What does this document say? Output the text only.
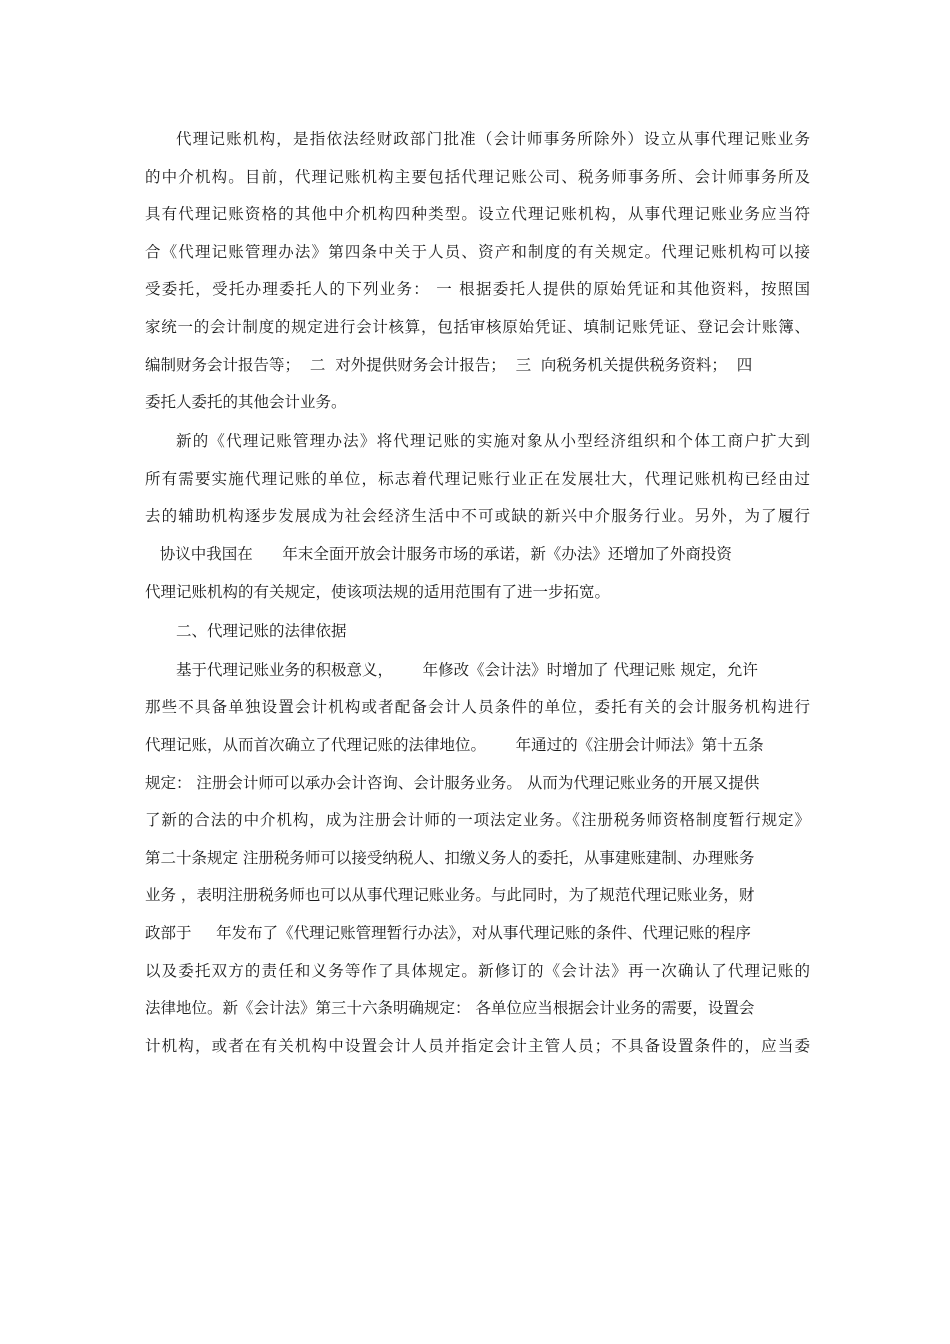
代理记账机构，是指依法经财政部门批准（会计师事务所除外）设立从事代理记账业务
的中介机构。目前，代理记账机构主要包括代理记账公司、税务师事务所、会计师事务所及
具有代理记账资格的其他中介机构四种类型。设立代理记账机构，从事代理记账业务应当符
合《代理记账管理办法》第四条中关于人员、资产和制度的有关规定。代理记账机构可以接
受委托，受托办理委托人的下列业务： 一 根据委托人提供的原始凭证和其他资料，按照国
家统一的会计制度的规定进行会计核算，包括审核原始凭证、填制记账凭证、登记会计账簿、
编制财务会计报告等；  二  对外提供财务会计报告；  三  向税务机关提供税务资料；  四
委托人委托的其他会计业务。
新的《代理记账管理办法》将代理记账的实施对象从小型经济组织和个体工商户扩大到
所有需要实施代理记账的单位，标志着代理记账行业正在发展壮大，代理记账机构已经由过
去的辅助机构逐步发展成为社会经济生活中不可或缺的新兴中介服务行业。另外，为了履行
协议中我国在      年末全面开放会计服务市场的承诺，新《办法》还增加了外商投资
代理记账机构的有关规定，使该项法规的适用范围有了进一步拓宽。
二、代理记账的法律依据
基于代理记账业务的积极意义，      年修改《会计法》时增加了 代理记账 规定，允许
那些不具备单独设置会计机构或者配备会计人员条件的单位，委托有关的会计服务机构进行
代理记账，从而首次确立了代理记账的法律地位。      年通过的《注册会计师法》第十五条
规定： 注册会计师可以承办会计咨询、会计服务业务。 从而为代理记账业务的开展又提供
了新的合法的中介机构，成为注册会计师的一项法定业务。《注册税务师资格制度暂行规定》
第二十条规定 注册税务师可以接受纳税人、扣缴义务人的委托，从事建账建制、办理账务
业务 ，表明注册税务师也可以从事代理记账业务。与此同时，为了规范代理记账业务，财
政部于     年发布了《代理记账管理暂行办法》，对从事代理记账的条件、代理记账的程序
以及委托双方的责任和义务等作了具体规定。新修订的《会计法》再一次确认了代理记账的
法律地位。新《会计法》第三十六条明确规定： 各单位应当根据会计业务的需要，设置会
计机构，或者在有关机构中设置会计人员并指定会计主管人员；不具备设置条件的，应当委
